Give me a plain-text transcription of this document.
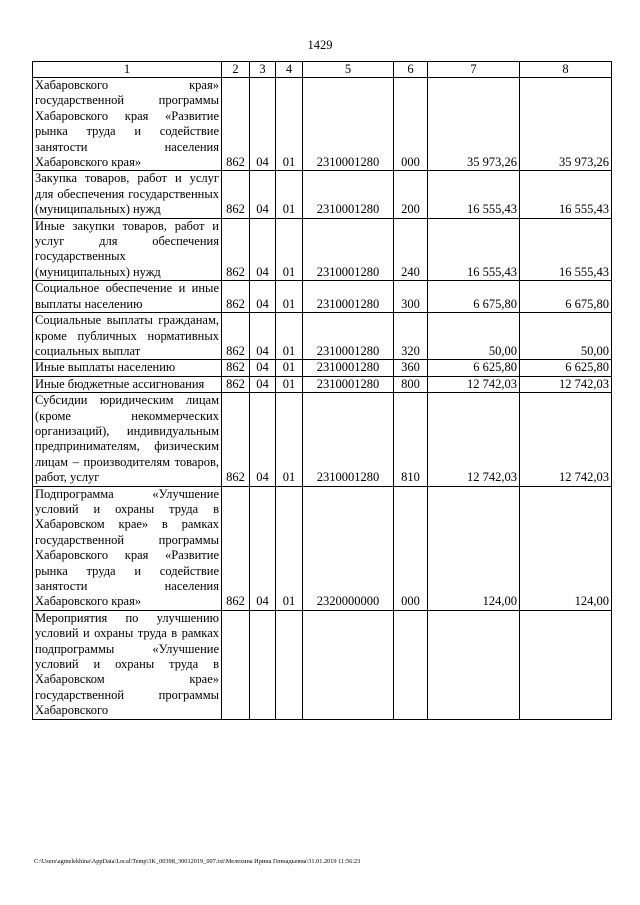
1429
1	2	3	4	5	6	7	8
Хабаровского края» государственной программы Хабаровского края «Развитие рынка труда и содействие занятости населения Хабаровского края»	862	04	01	2310001280	000	35 973,26	35 973,26
Закупка товаров, работ и услуг для обеспечения государственных (муниципальных) нужд	862	04	01	2310001280	200	16 555,43	16 555,43
Иные закупки товаров, работ и услуг для обеспечения государственных (муниципальных) нужд	862	04	01	2310001280	240	16 555,43	16 555,43
Социальное обеспечение и иные выплаты населению	862	04	01	2310001280	300	6 675,80	6 675,80
Социальные выплаты гражданам, кроме публичных нормативных социальных выплат	862	04	01	2310001280	320	50,00	50,00
Иные выплаты населению	862	04	01	2310001280	360	6 625,80	6 625,80
Иные бюджетные ассигнования	862	04	01	2310001280	800	12 742,03	12 742,03
Субсидии юридическим лицам (кроме некоммерческих организаций), индивидуальным предпринимателям, физическим лицам – производителям товаров, работ, услуг	862	04	01	2310001280	810	12 742,03	12 742,03
Подпрограмма «Улучшение условий и охраны труда в Хабаровском крае» в рамках государственной программы Хабаровского края «Развитие рынка труда и содействие занятости населения Хабаровского края»	862	04	01	2320000000	000	124,00	124,00
Мероприятия по улучшению условий и охраны труда в рамках подпрограммы «Улучшение условий и охраны труда в Хабаровском крае» государственной программы Хабаровского							
C:\Users\agmelekhina\AppData\Local\Temp\3K_00398_30012019_007.txt\Мелехина Ирина Геннадьевна\31.01.2019 11:56:23
